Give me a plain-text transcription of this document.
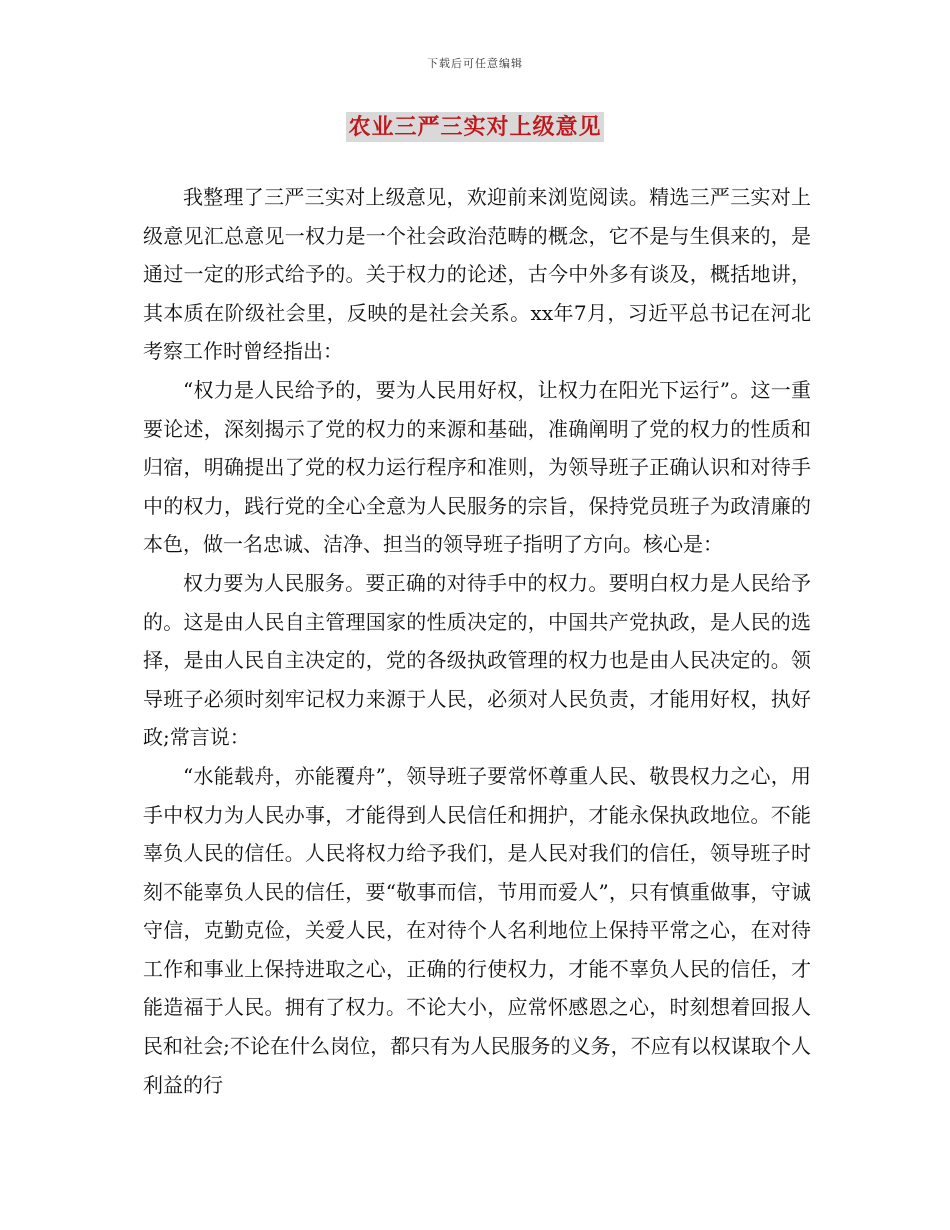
下载后可任意编辑
农业三严三实对上级意见

我整理了三严三实对上级意见，欢迎前来浏览阅读。精选三严三实对上级意见汇总意见一权力是一个社会政治范畴的概念，它不是与生俱来的，是通过一定的形式给予的。关于权力的论述，古今中外多有谈及，概括地讲，其本质在阶级社会里，反映的是社会关系。xx年7月，习近平总书记在河北考察工作时曾经指出：

“权力是人民给予的，要为人民用好权，让权力在阳光下运行”。这一重要论述，深刻揭示了党的权力的来源和基础，准确阐明了党的权力的性质和归宿，明确提出了党的权力运行程序和准则，为领导班子正确认识和对待手中的权力，践行党的全心全意为人民服务的宗旨，保持党员班子为政清廉的本色，做一名忠诚、洁净、担当的领导班子指明了方向。核心是：

权力要为人民服务。要正确的对待手中的权力。要明白权力是人民给予的。这是由人民自主管理国家的性质决定的，中国共产党执政，是人民的选择，是由人民自主决定的，党的各级执政管理的权力也是由人民决定的。领导班子必须时刻牢记权力来源于人民，必须对人民负责，才能用好权，执好政;常言说：

“水能载舟，亦能覆舟”，领导班子要常怀尊重人民、敬畏权力之心，用手中权力为人民办事，才能得到人民信任和拥护，才能永保执政地位。不能辜负人民的信任。人民将权力给予我们，是人民对我们的信任，领导班子时刻不能辜负人民的信任，要“敬事而信，节用而爱人”，只有慎重做事，守诚守信，克勤克俭，关爱人民，在对待个人名利地位上保持平常之心，在对待工作和事业上保持进取之心，正确的行使权力，才能不辜负人民的信任，才能造福于人民。拥有了权力。不论大小，应常怀感恩之心，时刻想着回报人民和社会;不论在什么岗位，都只有为人民服务的义务，不应有以权谋取个人利益的行
